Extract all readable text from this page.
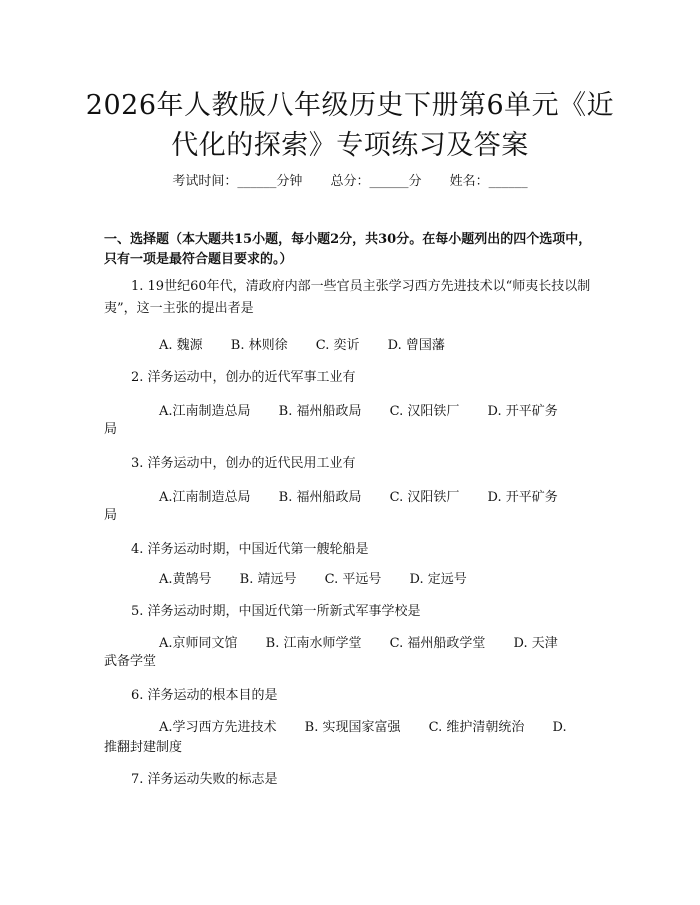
2026年人教版八年级历史下册第6单元《近
代化的探索》专项练习及答案
考试时间：______分钟 总分：______分 姓名：______
一、选择题（本大题共15小题，每小题2分，共30分。在每小题列出的四个选项中，只有一项是最符合题目要求的。）
1. 19世纪60年代，清政府内部一些官员主张学习西方先进技术以“师夷长技以制夷”，这一主张的提出者是
A. 魏源 B. 林则徐 C. 奕䜣 D. 曾国藩
2. 洋务运动中，创办的近代军事工业有
A.江南制造总局 B. 福州船政局 C. 汉阳铁厂 D. 开平矿务
局
3. 洋务运动中，创办的近代民用工业有
A.江南制造总局 B. 福州船政局 C. 汉阳铁厂 D. 开平矿务
局
4. 洋务运动时期，中国近代第一艘轮船是
A.黄鹄号 B. 靖远号 C. 平远号 D. 定远号
5. 洋务运动时期，中国近代第一所新式军事学校是
A.京师同文馆 B. 江南水师学堂 C. 福州船政学堂 D. 天津
武备学堂
6. 洋务运动的根本目的是
A.学习西方先进技术 B. 实现国家富强 C. 维护清朝统治 D.
推翻封建制度
7. 洋务运动失败的标志是
